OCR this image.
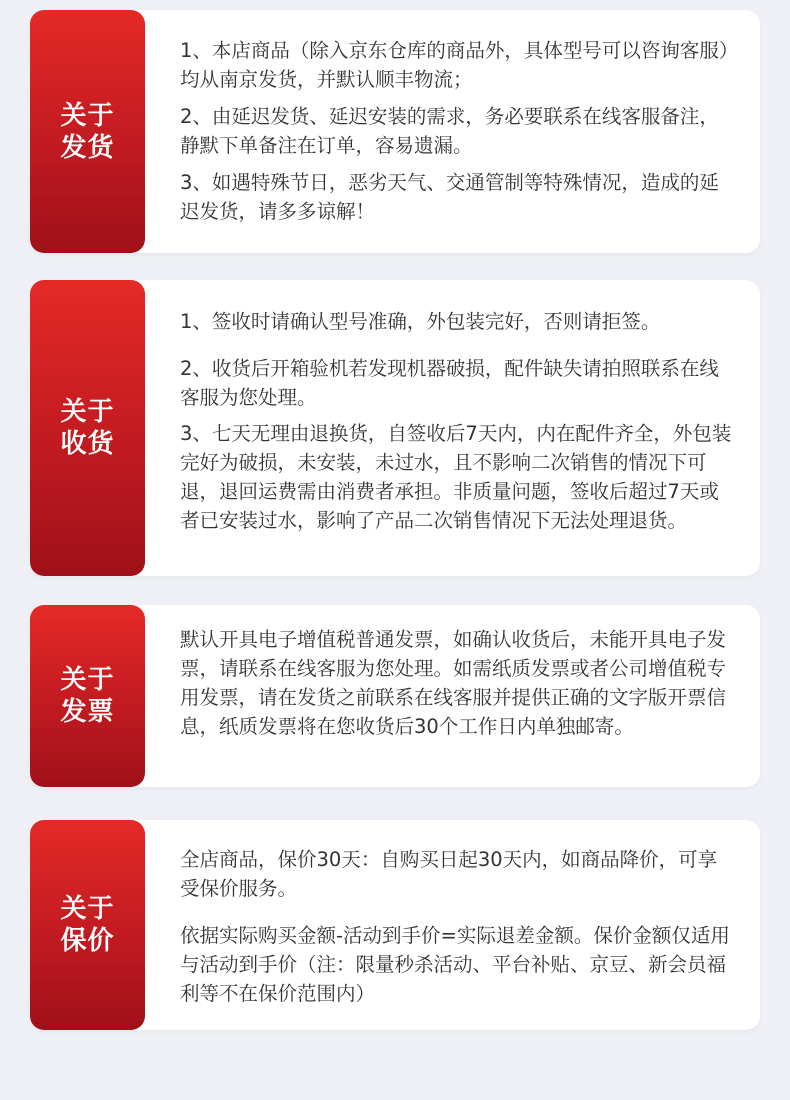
关于发货

1、本店商品（除入京东仓库的商品外，具体型号可以咨询客服）均从南京发货，并默认顺丰物流；

2、由延迟发货、延迟安装的需求，务必要联系在线客服备注，静默下单备注在订单，容易遗漏。

3、如遇特殊节日，恶劣天气、交通管制等特殊情况，造成的延迟发货，请多多谅解！

关于收货

1、签收时请确认型号准确，外包装完好，否则请拒签。

2、收货后开箱验机若发现机器破损，配件缺失请拍照联系在线客服为您处理。

3、七天无理由退换货，自签收后7天内，内在配件齐全，外包装完好为破损，未安装，未过水，且不影响二次销售的情况下可退，退回运费需由消费者承担。非质量问题，签收后超过7天或者已安装过水，影响了产品二次销售情况下无法处理退货。

关于发票

默认开具电子增值税普通发票，如确认收货后，未能开具电子发票，请联系在线客服为您处理。如需纸质发票或者公司增值税专用发票，请在发货之前联系在线客服并提供正确的文字版开票信息，纸质发票将在您收货后30个工作日内单独邮寄。

关于保价

全店商品，保价30天：自购买日起30天内，如商品降价，可享受保价服务。

依据实际购买金额-活动到手价=实际退差金额。保价金额仅适用与活动到手价（注：限量秒杀活动、平台补贴、京豆、新会员福利等不在保价范围内）
